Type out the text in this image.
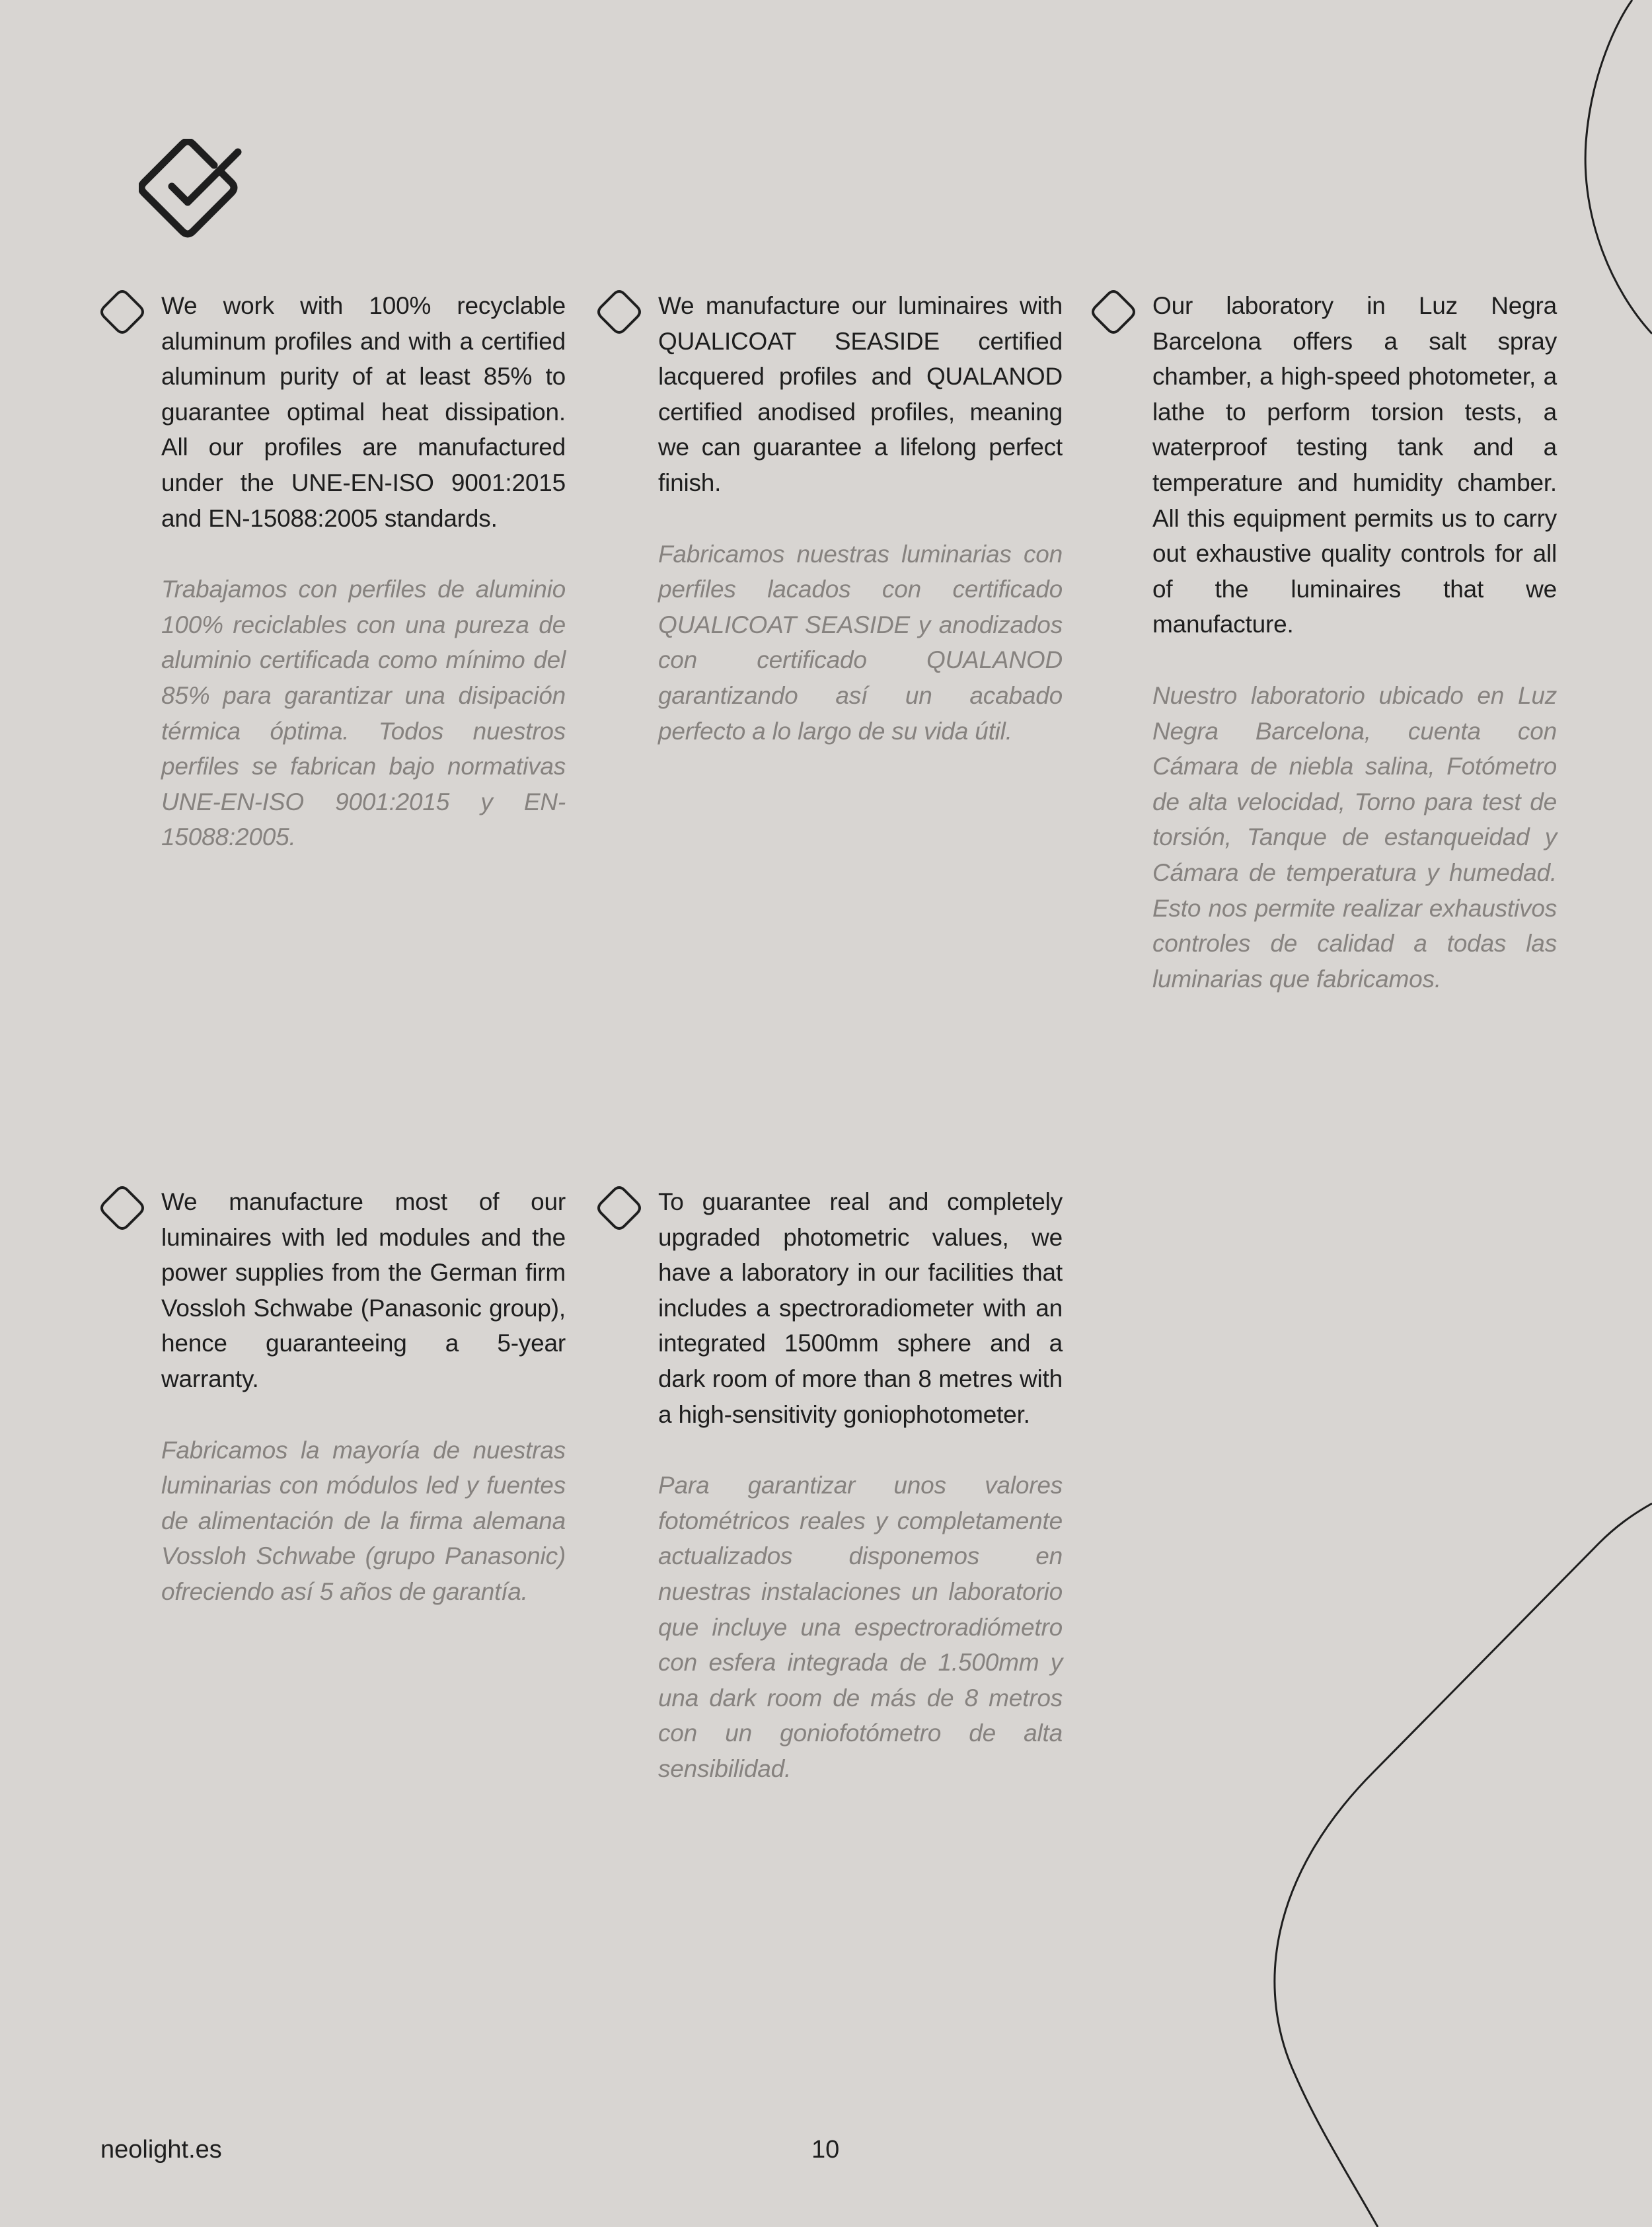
We work with 100% recyclable aluminum profiles and with a certified aluminum purity of at least 85% to guarantee optimal heat dissipation. All our profiles are manufactured under the UNE-EN-ISO 9001:2015 and EN-15088:2005 standards.

Trabajamos con perfiles de aluminio 100% reciclables con una pureza de aluminio certificada como mínimo del 85% para garantizar una disipación térmica óptima. Todos nuestros perfiles se fabrican bajo normativas UNE-EN-ISO 9001:2015 y EN-15088:2005.

We manufacture our luminaires with QUALICOAT SEASIDE certified lacquered profiles and QUALANOD certified anodised profiles, meaning we can guarantee a lifelong perfect finish.

Fabricamos nuestras luminarias con perfiles lacados con certificado QUALICOAT SEASIDE y anodizados con certificado QUALANOD garantizando así un acabado perfecto a lo largo de su vida útil.

Our laboratory in Luz Negra Barcelona offers a salt spray chamber, a high-speed photometer, a lathe to perform torsion tests, a waterproof testing tank and a temperature and humidity chamber. All this equipment permits us to carry out exhaustive quality controls for all of the luminaires that we manufacture.

Nuestro laboratorio ubicado en Luz Negra Barcelona, cuenta con Cámara de niebla salina, Fotómetro de alta velocidad, Torno para test de torsión, Tanque de estanqueidad y Cámara de temperatura y humedad. Esto nos permite realizar exhaustivos controles de calidad a todas las luminarias que fabricamos.

We manufacture most of our luminaires with led modules and the power supplies from the German firm Vossloh Schwabe (Panasonic group), hence guaranteeing a 5-year warranty.

Fabricamos la mayoría de nuestras luminarias con módulos led y fuentes de alimentación de la firma alemana Vossloh Schwabe (grupo Panasonic) ofreciendo así 5 años de garantía.

To guarantee real and completely upgraded photometric values, we have a laboratory in our facilities that includes a spectroradiometer with an integrated 1500mm sphere and a dark room of more than 8 metres with a high-sensitivity goniophotometer.

Para garantizar unos valores fotométricos reales y completamente actualizados disponemos en nuestras instalaciones un laboratorio que incluye una espectroradiómetro con esfera integrada de 1.500mm y una dark room de más de 8 metros con un goniofotómetro de alta sensibilidad.

neolight.es	10
